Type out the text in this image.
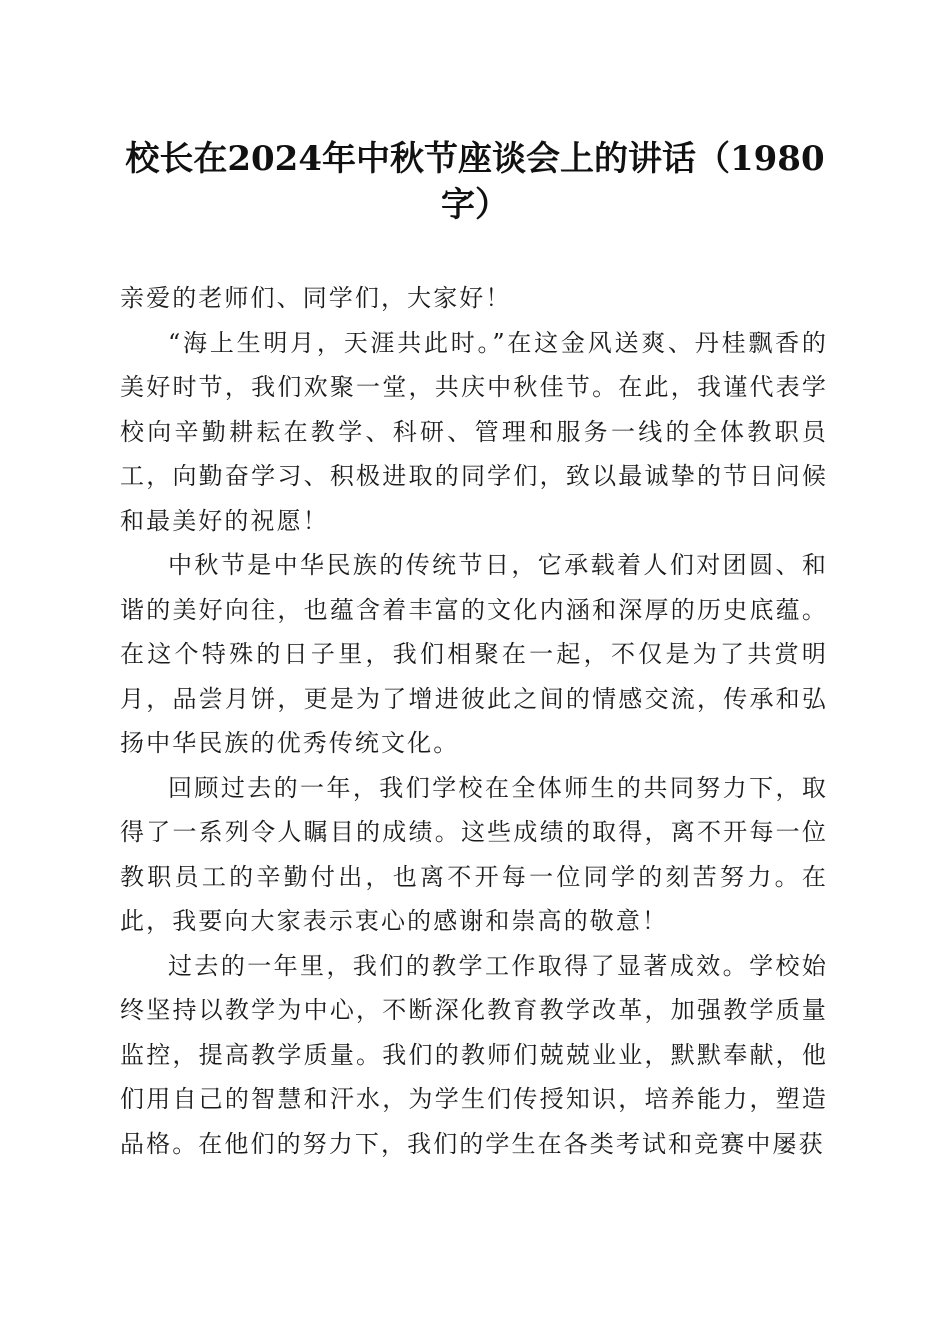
校长在2024年中秋节座谈会上的讲话（1980字）

亲爱的老师们、同学们，大家好！

“海上生明月，天涯共此时。”在这金风送爽、丹桂飘香的美好时节，我们欢聚一堂，共庆中秋佳节。在此，我谨代表学校向辛勤耕耘在教学、科研、管理和服务一线的全体教职员工，向勤奋学习、积极进取的同学们，致以最诚挚的节日问候和最美好的祝愿！

中秋节是中华民族的传统节日，它承载着人们对团圆、和谐的美好向往，也蕴含着丰富的文化内涵和深厚的历史底蕴。在这个特殊的日子里，我们相聚在一起，不仅是为了共赏明月，品尝月饼，更是为了增进彼此之间的情感交流，传承和弘扬中华民族的优秀传统文化。

回顾过去的一年，我们学校在全体师生的共同努力下，取得了一系列令人瞩目的成绩。这些成绩的取得，离不开每一位教职员工的辛勤付出，也离不开每一位同学的刻苦努力。在此，我要向大家表示衷心的感谢和崇高的敬意！

过去的一年里，我们的教学工作取得了显著成效。学校始终坚持以教学为中心，不断深化教育教学改革，加强教学质量监控，提高教学质量。我们的教师们兢兢业业，默默奉献，他们用自己的智慧和汗水，为学生们传授知识，培养能力，塑造品格。在他们的努力下，我们的学生在各类考试和竞赛中屡获
